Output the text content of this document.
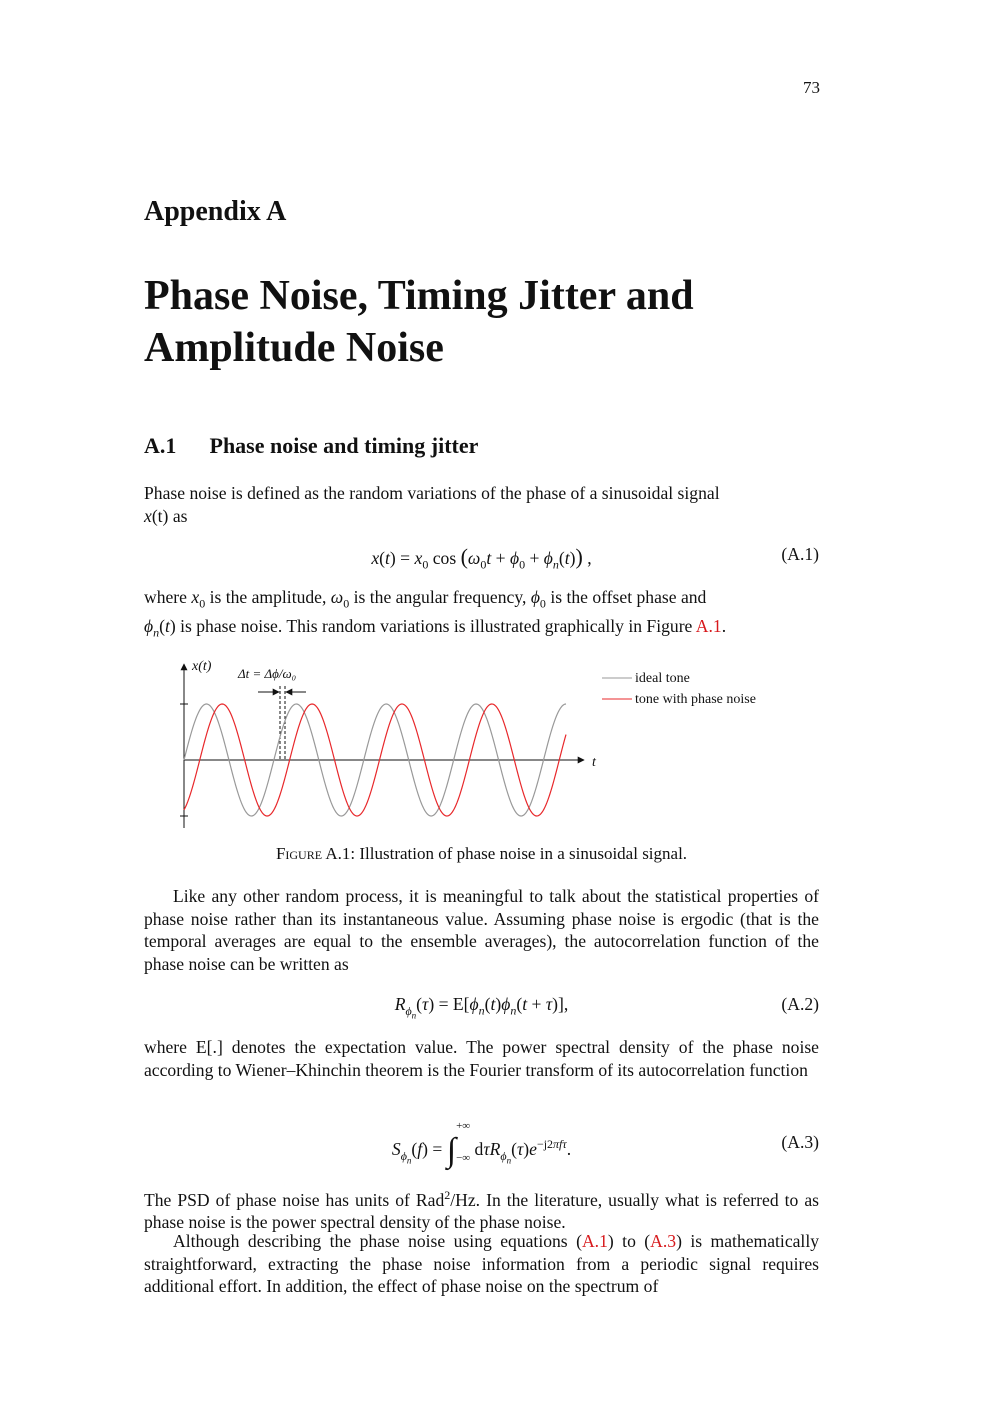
73
Appendix A
Phase Noise, Timing Jitter and
Amplitude Noise
A.1 Phase noise and timing jitter

Phase noise is defined as the random variations of the phase of a sinusoidal signal
x(t) as

$x(t) = x_0$ $\cos (\omega_0t + \phi_0 + \phi_n(t))$ ,	(A.1)

where $x_0$ is the amplitude, $\omega_0$ is the angular frequency, $\phi_0$ is the offset phase and
$\phi_n(t)$ is phase noise. This random variations is illustrated graphically in Figure A.1.

x(t)
t
Δt = Δϕ/ω₀	ideal tone
tone with phase noise

Figure A.1: Illustration of phase noise in a sinusoidal signal.

Like any other random process, it is meaningful to talk about the statistical properties of phase noise rather than its instantaneous value. Assuming phase noise is ergodic (that is the temporal averages are equal to the ensemble averages), the autocorrelation function of the phase noise can be written as

$R_{\phi_n}(\tau) = E[\phi_n(t)\phi_n(t + \tau)]$,	(A.2)

where E[.] denotes the expectation value. The power spectral density of the phase noise according to Wiener–Khinchin theorem is the Fourier transform of its autocorrelation function

$S_{\phi_n}(f)$ = ∫+∞
−∞ $d\tau R_{\phi_n}(\tau)e^{-j2\pi f\tau}$.	(A.3)

The PSD of phase noise has units of Rad$^2$/Hz. In the literature, usually what is referred to as phase noise is the power spectral density of the phase noise.

Although describing the phase noise using equations (A.1) to (A.3) is mathematically straightforward, extracting the phase noise information from a periodic signal requires additional effort. In addition, the effect of phase noise on the spectrum of
